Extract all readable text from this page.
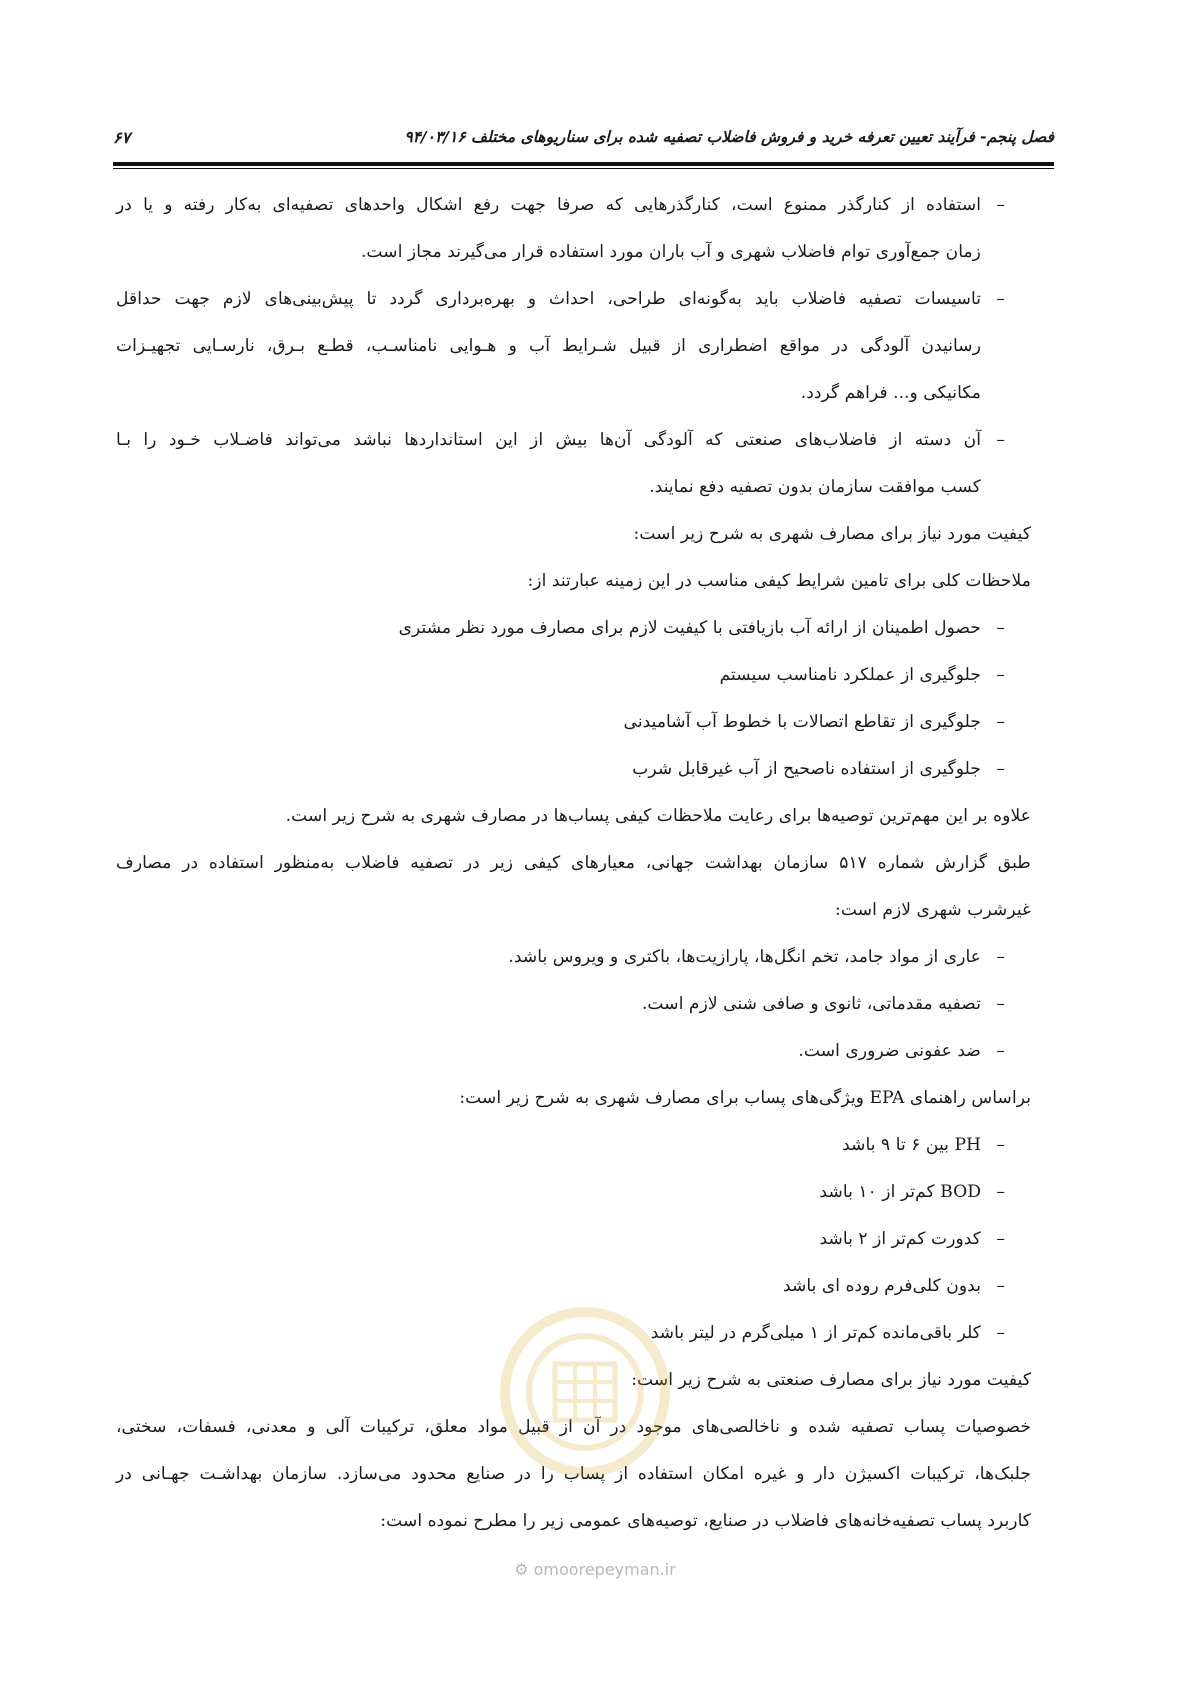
فصل پنجم- فرآیند تعیین تعرفه خرید و فروش فاضلاب تصفیه شده برای سناریوهای مختلف ۹۴/۰۳/۱۶
۶۷
–
استفاده از کنارگذر ممنوع است، کنارگذرهایی که صرفا جهت رفع اشکال واحدهای تصفیه‌ای به‌کار رفته و یا در
زمان جمع‌آوری توام فاضلاب شهری و آب باران مورد استفاده قرار می‌گیرند مجاز است.
–
تاسیسات تصفیه فاضلاب باید به‌گونه‌ای طراحی، احداث و بهره‌برداری گردد تا پیش‌بینی‌های لازم جهت حداقل
رسانیدن آلودگی در مواقع اضطراری از قبیل شـرایط آب و هـوایی نامناسـب، قطـع بـرق، نارسـایی تجهیـزات
مکانیکی و... فراهم گردد.
–
آن دسته از فاضلاب‌های صنعتی که آلودگی آن‌ها بیش از این استانداردها نباشد می‌تواند فاضـلاب خـود را بـا
کسب موافقت سازمان بدون تصفیه دفع نمایند.
کیفیت مورد نیاز برای مصارف شهری به شرح زیر است:
ملاحظات کلی برای تامین شرایط کیفی مناسب در این زمینه عبارتند از:
–
حصول اطمینان از ارائه آب بازیافتی با کیفیت لازم برای مصارف مورد نظر مشتری
–
جلوگیری از عملکرد نامناسب سیستم
–
جلوگیری از تقاطع اتصالات با خطوط آب آشامیدنی
–
جلوگیری از استفاده ناصحیح از آب غیرقابل شرب
علاوه بر این مهم‌ترین توصیه‌ها برای رعایت ملاحظات کیفی پساب‌ها در مصارف شهری به شرح زیر است.
طبق گزارش شماره ۵۱۷ سازمان بهداشت جهانی، معیارهای کیفی زیر در تصفیه فاضلاب به‌منظور استفاده در مصارف
غیرشرب شهری لازم است:
–
عاری از مواد جامد، تخم انگل‌ها، پارازیت‌ها، باکتری و ویروس باشد.
–
تصفیه مقدماتی، ثانوی و صافی شنی لازم است.
–
ضد عفونی ضروری است.
براساس راهنمای EPA ویژگی‌های پساب برای مصارف شهری به شرح زیر است:
–
PH بین ۶ تا ۹ باشد
–
BOD کم‌تر از ۱۰ باشد
–
کدورت کم‌تر از ۲ باشد
–
بدون کلی‌فرم روده ای باشد
–
کلر باقی‌مانده کم‌تر از ۱ میلی‌گرم در لیتر باشد
کیفیت مورد نیاز برای مصارف صنعتی به شرح زیر است:
خصوصیات پساب تصفیه شده و ناخالصی‌های موجود در آن از قبیل مواد معلق، ترکیبات آلی و معدنی، فسفات، سختی،
جلبک‌ها، ترکیبات اکسیژن دار و غیره امکان استفاده از پساب را در صنایع محدود می‌سازد. سازمان بهداشـت جهـانی در
کاربرد پساب تصفیه‌خانه‌های فاضلاب در صنایع، توصیه‌های عمومی زیر را مطرح نموده است:
⚙ omoorepeyman.ir
